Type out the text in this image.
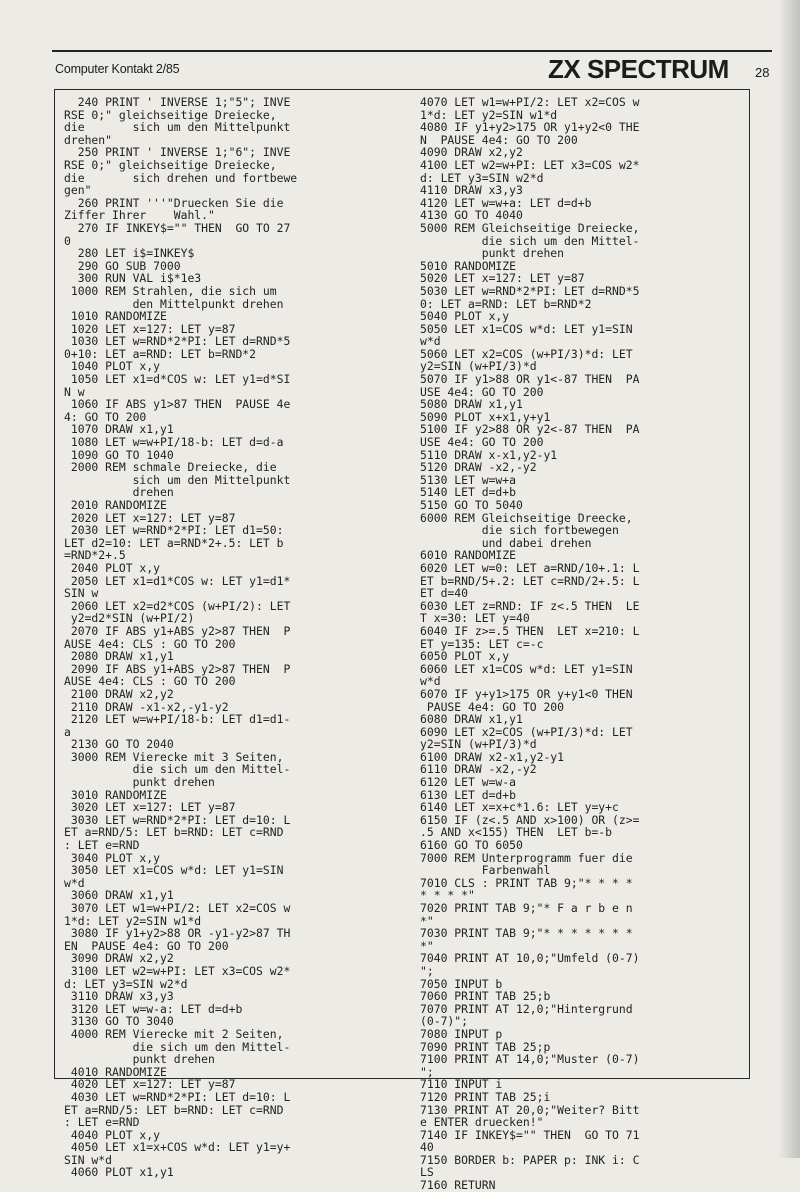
Computer Kontakt 2/85	ZX SPECTRUM 28
240 PRINT ' INVERSE 1;"5"; INVE
RSE 0;" gleichseitige Dreiecke,
die       sich um den Mittelpunkt
drehen"
250 PRINT ' INVERSE 1;"6"; INVE
RSE 0;" gleichseitige Dreiecke,
die       sich drehen und fortbewe
gen"
260 PRINT '''"Druecken Sie die
Ziffer Ihrer    Wahl."
270 IF INKEY$="" THEN  GO TO 27
0
280 LET i$=INKEY$
290 GO SUB 7000
300 RUN VAL i$*1e3
1000 REM Strahlen, die sich um
den Mittelpunkt drehen
1010 RANDOMIZE
1020 LET x=127: LET y=87
1030 LET w=RND*2*PI: LET d=RND*5
0+10: LET a=RND: LET b=RND*2
1040 PLOT x,y
1050 LET x1=d*COS w: LET y1=d*SI
N w
1060 IF ABS y1>87 THEN  PAUSE 4e
4: GO TO 200
1070 DRAW x1,y1
1080 LET w=w+PI/18-b: LET d=d-a
1090 GO TO 1040
2000 REM schmale Dreiecke, die
sich um den Mittelpunkt
drehen
2010 RANDOMIZE
2020 LET x=127: LET y=87
2030 LET w=RND*2*PI: LET d1=50:
LET d2=10: LET a=RND*2+.5: LET b
=RND*2+.5
2040 PLOT x,y
2050 LET x1=d1*COS w: LET y1=d1*
SIN w
2060 LET x2=d2*COS (w+PI/2): LET
y2=d2*SIN (w+PI/2)
2070 IF ABS y1+ABS y2>87 THEN  P
AUSE 4e4: CLS : GO TO 200
2080 DRAW x1,y1
2090 IF ABS y1+ABS y2>87 THEN  P
AUSE 4e4: CLS : GO TO 200
2100 DRAW x2,y2
2110 DRAW -x1-x2,-y1-y2
2120 LET w=w+PI/18-b: LET d1=d1-
a
2130 GO TO 2040
3000 REM Vierecke mit 3 Seiten,
die sich um den Mittel-
punkt drehen
3010 RANDOMIZE
3020 LET x=127: LET y=87
3030 LET w=RND*2*PI: LET d=10: L
ET a=RND/5: LET b=RND: LET c=RND
: LET e=RND
3040 PLOT x,y
3050 LET x1=COS w*d: LET y1=SIN
w*d
3060 DRAW x1,y1
3070 LET w1=w+PI/2: LET x2=COS w
1*d: LET y2=SIN w1*d
3080 IF y1+y2>88 OR -y1-y2>87 TH
EN  PAUSE 4e4: GO TO 200
3090 DRAW x2,y2
3100 LET w2=w+PI: LET x3=COS w2*
d: LET y3=SIN w2*d
3110 DRAW x3,y3
3120 LET w=w-a: LET d=d+b
3130 GO TO 3040
4000 REM Vierecke mit 2 Seiten,
die sich um den Mittel-
punkt drehen
4010 RANDOMIZE
4020 LET x=127: LET y=87
4030 LET w=RND*2*PI: LET d=10: L
ET a=RND/5: LET b=RND: LET c=RND
: LET e=RND
4040 PLOT x,y
4050 LET x1=x+COS w*d: LET y1=y+
SIN w*d
4060 PLOT x1,y1
4070 LET w1=w+PI/2: LET x2=COS w
1*d: LET y2=SIN w1*d
4080 IF y1+y2>175 OR y1+y2<0 THE
N  PAUSE 4e4: GO TO 200
4090 DRAW x2,y2
4100 LET w2=w+PI: LET x3=COS w2*
d: LET y3=SIN w2*d
4110 DRAW x3,y3
4120 LET w=w+a: LET d=d+b
4130 GO TO 4040
5000 REM Gleichseitige Dreiecke,
die sich um den Mittel-
punkt drehen
5010 RANDOMIZE
5020 LET x=127: LET y=87
5030 LET w=RND*2*PI: LET d=RND*5
0: LET a=RND: LET b=RND*2
5040 PLOT x,y
5050 LET x1=COS w*d: LET y1=SIN
w*d
5060 LET x2=COS (w+PI/3)*d: LET
y2=SIN (w+PI/3)*d
5070 IF y1>88 OR y1<-87 THEN  PA
USE 4e4: GO TO 200
5080 DRAW x1,y1
5090 PLOT x+x1,y+y1
5100 IF y2>88 OR y2<-87 THEN  PA
USE 4e4: GO TO 200
5110 DRAW x-x1,y2-y1
5120 DRAW -x2,-y2
5130 LET w=w+a
5140 LET d=d+b
5150 GO TO 5040
6000 REM Gleichseitige Dreecke,
die sich fortbewegen
und dabei drehen
6010 RANDOMIZE
6020 LET w=0: LET a=RND/10+.1: L
ET b=RND/5+.2: LET c=RND/2+.5: L
ET d=40
6030 LET z=RND: IF z<.5 THEN  LE
T x=30: LET y=40
6040 IF z>=.5 THEN  LET x=210: L
ET y=135: LET c=-c
6050 PLOT x,y
6060 LET x1=COS w*d: LET y1=SIN
w*d
6070 IF y+y1>175 OR y+y1<0 THEN
PAUSE 4e4: GO TO 200
6080 DRAW x1,y1
6090 LET x2=COS (w+PI/3)*d: LET
y2=SIN (w+PI/3)*d
6100 DRAW x2-x1,y2-y1
6110 DRAW -x2,-y2
6120 LET w=w-a
6130 LET d=d+b
6140 LET x=x+c*1.6: LET y=y+c
6150 IF (z<.5 AND x>100) OR (z>=
.5 AND x<155) THEN  LET b=-b
6160 GO TO 6050
7000 REM Unterprogramm fuer die
Farbenwahl
7010 CLS : PRINT TAB 9;"* * * *
* * * *"
7020 PRINT TAB 9;"* F a r b e n
*"
7030 PRINT TAB 9;"* * * * * * *
*"
7040 PRINT AT 10,0;"Umfeld (0-7)
";
7050 INPUT b
7060 PRINT TAB 25;b
7070 PRINT AT 12,0;"Hintergrund
(0-7)";
7080 INPUT p
7090 PRINT TAB 25;p
7100 PRINT AT 14,0;"Muster (0-7)
";
7110 INPUT i
7120 PRINT TAB 25;i
7130 PRINT AT 20,0;"Weiter? Bitt
e ENTER druecken!"
7140 IF INKEY$="" THEN  GO TO 71
40
7150 BORDER b: PAPER p: INK i: C
LS
7160 RETURN
